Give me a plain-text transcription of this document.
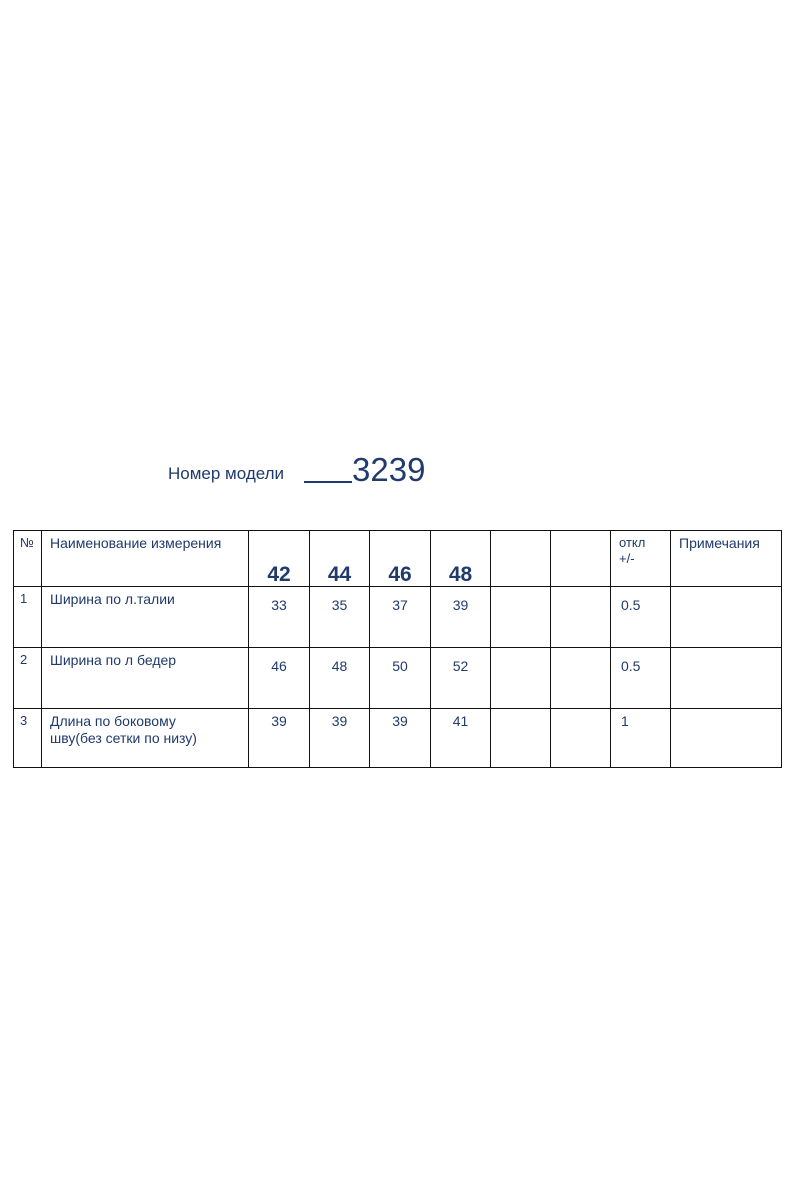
Номер модели 3239
№	Наименование измерения	42	44	46	48			откл
+/-	Примечания
1	Ширина по л.талии	33	35	37	39			0.5	
2	Ширина по л бедер	46	48	50	52			0.5	
3	Длина по боковому
шву(без сетки по низу)	39	39	39	41			1	
